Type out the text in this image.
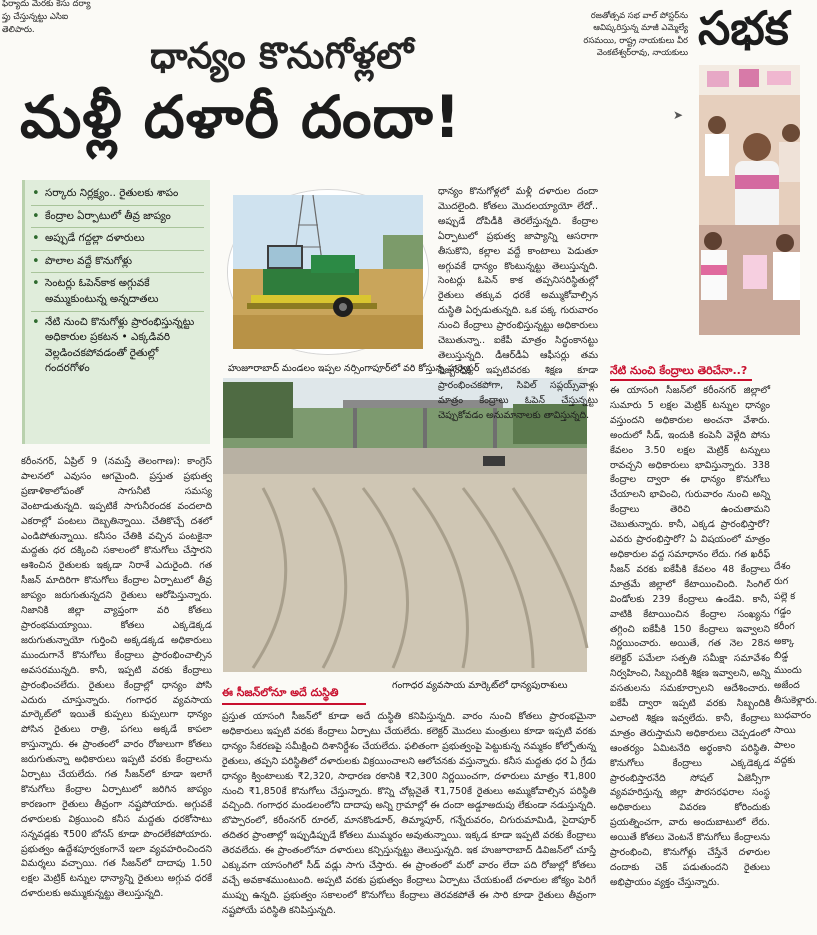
ఫిర్యాదు మేరకు కేసు దర్యా ప్తు చేస్తున్నట్టు ఎసిఐ తెలిపారు.
ధాన్యం కొనుగోళ్లలో
మళ్లీ దళారీ దందా!
సభక
రజతోత్సవ సభ వాల్‌ పోస్టర్‌ను ఆవిష్కరిస్తున్న మాజీ ఎమ్మెల్యే రసమయి, రాష్ట్ర నాయకులు వీర వెంకటేశ్వర్‌రావు, నాయకులు
➤
• సర్కారు నిర్లక్ష్యం.. రైతులకు శాపం
• కేంద్రాల ఏర్పాటులో తీవ్ర జాప్యం
• అప్పుడే గద్దల్లా దళారులు
• పొలాల వద్దే కొనుగోళ్లు
• సెంటర్లు ఓపెన్‌కాక అగ్గువకే అమ్ముకుంటున్న అన్నదాతలు
• నేటి నుంచి కొనుగోళ్లు ప్రారంభిస్తున్నట్టు అధికారుల ప్రకటన • ఎక్కడివరి వెల్లడించకపోవడంతో రైతుల్లో గందరగోళం	హుజూరాబాద్‌ మండలం ఇప్పల నర్సింగాపూర్‌లో వరి కోస్తున్న హార్వెస్టర్‌
గంగాధర వ్యవసాయ మార్కెట్‌లో ధాన్యపురాశులు
ఈ సీజన్‌లోనూ అదే దుస్థితి
నేటి నుంచి కేంద్రాలు తెరిచేనా..?
ధాన్యం కొనుగోళ్లలో మళ్లీ దళారుల దందా మొదలైంది. కోతలు మొదలయ్యాయో లేదో.. అప్పుడే దోపిడీకి తెరలేస్తున్నది. కేంద్రాల ఏర్పాటులో ప్రభుత్వ జాప్యాన్ని ఆసరాగా తీసుకొని, కల్లాల వద్దే కాంటాలు పెడుతూ అగ్గువకే ధాన్యం కొంటున్నట్టు తెలుస్తున్నది. సెంటర్లు ఓపెన్‌ కాక తప్పనిసరిస్థితుల్లో రైతులు తక్కువ ధరకే అమ్ముకోవాల్సిన దుస్థితి ఏర్పడుతున్నది. ఒక పక్క గురువారం నుంచి కేంద్రాలు ప్రారంభిస్తున్నట్టు అధికారులు చెబుతున్నా.. ఐకేపీ మాత్రం సిద్ధంకానట్టు తెలుస్తున్నది. డీఆర్‌డీఏ ఆఫీసర్లు తమ సిబ్బందికి ఇప్పటివరకు శిక్షణ కూడా ప్రారంభించకపోగా, సివిల్‌ సప్లయ్స్‌వాళ్లు మాత్రం కేంద్రాలు ఓపెన్‌ చేస్తున్నట్టు చెప్పుకోవడం అనుమానాలకు తావిస్తున్నది.
కరీంనగర్‌, ఏప్రిల్‌ 9 (నమస్తే తెలంగాణ): కాంగ్రెస్‌ పాలనలో ఎవుసం ఆగమైంది. ప్రస్తుత ప్రభుత్వ ప్రణాళికాలోపంతో సాగునీటి సమస్య వెంటాడుతున్నది. ఇప్పటికే సాగునీరందక వందలాది ఎకరాల్లో పంటలు దెబ్బతిన్నాయి. చేతికొచ్చే దశలో ఎండిపోతున్నాయి. కనీసం చేతికి వచ్చిన పంటకైనా మద్దతు ధర దక్కించి సకాలంలో కొనుగోలు చేస్తారని ఆశించిన రైతులకు ఇక్కడా నిరాశే ఎదురైంది. గత సీజన్‌ మాదిరిగా కొనుగోలు కేంద్రాల ఏర్పాటులో తీవ్ర జాప్యం జరుగుతున్నదని రైతులు ఆరోపిస్తున్నారు. నిజానికి జిల్లా వ్యాప్తంగా వరి కోతలు ప్రారంభమయ్యాయి. కోతలు ఎక్కడెక్కడ జరుగుతున్నాయో గుర్తించి అక్కడక్కడ అధికారులు ముందుగానే కొనుగోలు కేంద్రాలు ప్రారంభించాల్సిన అవసరమున్నది. కానీ, ఇప్పటి వరకు కేంద్రాలు ప్రారంభించలేదు. రైతులు కేంద్రాల్లో ధాన్యం పోసి ఎదురు చూస్తున్నారు. గంగాధర వ్యవసాయ మార్కెట్‌లో ఇయితే కుప్పలు కుప్పలుగా ధాన్యం పోసిన రైతులు రాత్రి, పగలు అక్కడే కాపలా కాస్తున్నారు. ఈ ప్రాంతంలో వారం రోజులుగా కోతలు జరుగుతున్నా అధికారులు ఇప్పటి వరకు కేంద్రాలను ఏర్పాటు చేయలేదు. గత సీజన్‌లో కూడా ఇలాగే కొనుగోలు కేంద్రాల ఏర్పాటులో జరిగిన జాప్యం కారణంగా రైతులు తీవ్రంగా నష్టపోయారు. అగ్గువకే దళారులకు విక్రయించి కనీస మద్దతు ధరకోసాటు సన్నవడ్లకు ₹500 బోనస్‌ కూడా పొందలేకపోయారు. ప్రభుత్వం ఉద్దేశపూర్వకంగానే ఇలా వ్యవహరించిందని విమర్శలు వచ్చాయి. గత సీజన్‌లో దాదాపు 1.50 లక్షల మెట్రిక్‌ టన్నుల ధాన్యాన్ని రైతులు అగ్గువ ధరకే దళారులకు అమ్ముకున్నట్టు తెలుస్తున్నది.
ప్రస్తుత యాసంగి సీజన్‌లో కూడా అదే దుస్థితి కనిపిస్తున్నది. వారం నుంచి కోతలు ప్రారంభమైనా అధికారులు ఇప్పటి వరకు కేంద్రాలు ఏర్పాటు చేయలేదు. కలెక్టర్‌ మొదలు మంత్రులు కూడా ఇప్పటి వరకు ధాన్యం సేకరణపై సమీక్షించి దిశానిర్దేశం చేయలేదు. ఫలితంగా ప్రభుత్వంపై పెట్టుకున్న నమ్మకం కోల్పోతున్న రైతులు, తప్పని పరిస్థితిలో దళారులకు విక్రయించాలని ఆలోచనకు వస్తున్నారు. కనీస మద్దతు ధర ఏ గ్రేడు ధాన్యం క్వింటాలుకు ₹2,320, సాధారణ రకానికి ₹2,300 నిర్ణయించగా, దళారులు మాత్రం ₹1,800 నుంచి ₹1,850కే కొనుగోలు చేస్తున్నారు. కొన్ని చోట్లనైతే ₹1,750కే రైతులు అమ్ముకోవాల్సిన పరిస్థితి వచ్చింది. గంగాధర మండలంలోని దాదాపు అన్ని గ్రామాల్లో ఈ దందా అడ్డూఅదుపు లేకుండా నడుస్తున్నది. బొప్పారంలో, కరీంనగర్‌ రూరల్‌, మానకొండూర్‌, తిమ్మాపూర్‌, గన్నేరువరం, చిగురుమామిడి, సైదాపూర్‌ తదితర ప్రాంతాల్లో ఇప్పుడిప్పుడే కోతలు ముమ్మరం అవుతున్నాయి. ఇక్కడ కూడా ఇప్పటి వరకు కేంద్రాలు తెరవలేదు. ఈ ప్రాంతంలోనూ దళారులు కన్పిస్తున్నట్టు తెలుస్తున్నది. ఇక హుజూరాబాద్‌ డివిజన్‌లో చూస్తే ఎక్కువగా యాసంగిలో సీడ్‌ వడ్లు సాగు చేస్తారు. ఈ ప్రాంతంలో మరో వారం లేదా పది రోజుల్లో కోతలు వచ్చే అవకాశముంటుంది. అప్పటి వరకు ప్రభుత్వం కేంద్రాలు ఏర్పాటు చేయకుంటే దళారుల జోక్యం పెరిగే ముప్పు ఉన్నది. ప్రభుత్వం సకాలంలో కొనుగోలు కేంద్రాలు తెరవకపోతే ఈ సారి కూడా రైతులు తీవ్రంగా నష్టపోయే పరిస్థితి కనిపిస్తున్నది.
ఈ యాసంగి సీజన్‌లో కరీంనగర్‌ జిల్లాలో సుమారు 5 లక్షల మెట్రిక్‌ టన్నుల ధాన్యం వస్తుందని అధికారుల అంచనా వేశారు. అందులో సీడ్‌, ఇందుకి కంపెనీ వెళ్లేది పోను కేవలం 3.50 లక్షల మెట్రిక్‌ టన్నులు రావచ్చని అధికారులు భావిస్తున్నారు. 338 కేంద్రాల ద్వారా ఈ ధాన్యం కొనుగోలు చేయాలని భావించి, గురువారం నుంచి అన్ని కేంద్రాలు తెరిచి ఉంచుతామని చెబుతున్నారు. కానీ, ఎక్కడ ప్రారంభిస్తారో? ఎవరు ప్రారంభిస్తారో? ఏ విషయంలో మాత్రం అధికారుల వద్ద సమాధానం లేదు. గత ఖరీఫ్‌ సీజన్‌ వరకు ఐకేపీకి కేవలం 48 కేంద్రాలు మాత్రమే జిల్లాలో కేటాయించింది. సింగిల్‌ విండోలకు 239 కేంద్రాలు ఉండేవి. కానీ, వాటికి కేటాయించిన కేంద్రాల సంఖ్యను తగ్గించి ఐకేపీకి 150 కేంద్రాలు ఇవ్వాలని నిర్ణయించారు. అయితే, గత నెల 28న కలెక్టర్‌ పమేలా సత్పతి సమీక్షా సమావేశం నిర్వహించి, సిబ్బందికి శిక్షణ ఇవ్వాలని, అన్ని వసతులను సమకూర్చాలని ఆదేశించారు. ఐకేపీ ద్వారా ఇప్పటి వరకు సిబ్బందికి ఎలాంటి శిక్షణ ఇవ్వలేదు. కానీ, కేంద్రాలు మాత్రం తెరుస్తామని అధికారులు చెప్పడంలో ఆంతర్యం ఏమిటనేది అర్థంకాని పరిస్థితి. కొనుగోలు కేంద్రాలు ఎక్కడెక్కడ ప్రారంభిస్తారనేది సోషల్‌ ఏజెన్సీగా వ్యవహరిస్తున్న జిల్లా పౌరసరఫరాల సంస్థ అధికారులు వివరణ కోరిందుకు ప్రయత్నించగా, వారు అందుబాటులో లేరు. అయితే కోతలు వెంటనే కొనుగోలు కేంద్రాలను ప్రారంభించి, కొనుగోళ్లు చేస్తేనే దళారుల దందాకు చెక్‌ పడుతుందని రైతులు అభిప్రాయం వ్యక్తం చేస్తున్నారు.
దేశం రుగ పల్లె క గడ్డం కరీంగ అక్కా బిడ్డ ముందు అజేంద తీసుకెళ్లారు. బుధవారం సాయి పాలం వద్దకు
